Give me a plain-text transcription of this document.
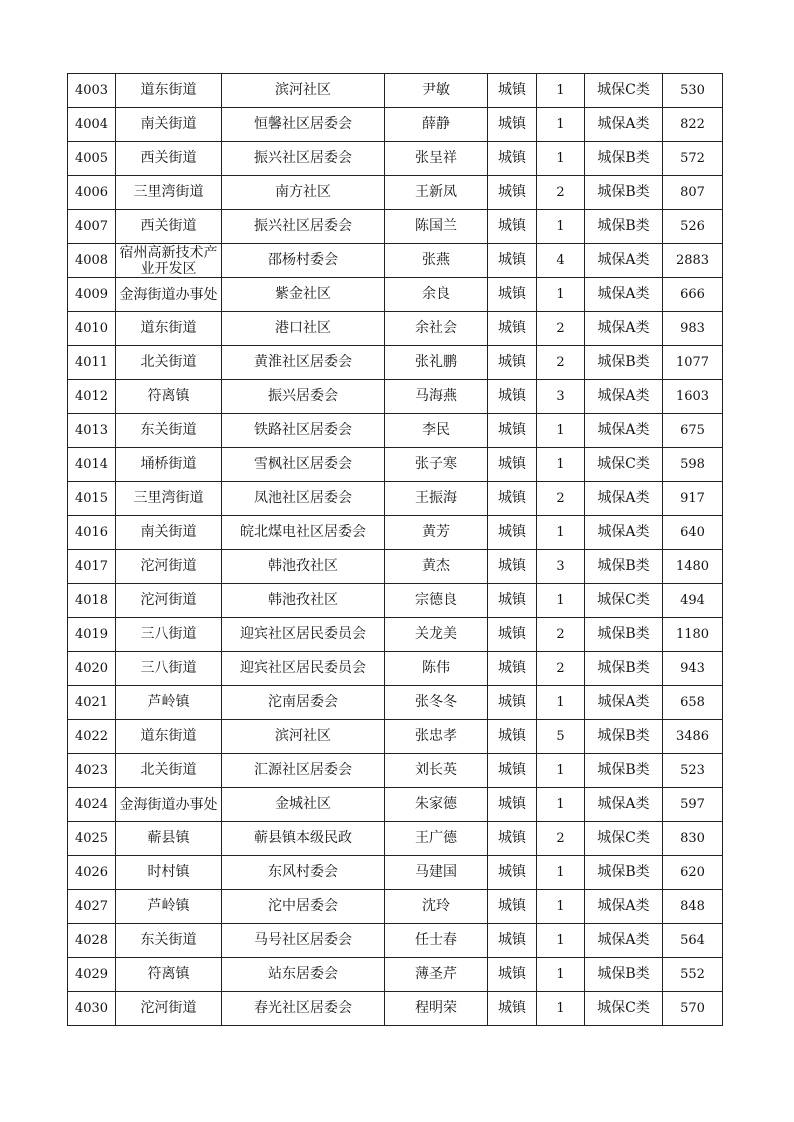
4003	道东街道	滨河社区	尹敏	城镇	1	城保C类	530
4004	南关街道	恒馨社区居委会	薛静	城镇	1	城保A类	822
4005	西关街道	振兴社区居委会	张呈祥	城镇	1	城保B类	572
4006	三里湾街道	南方社区	王新凤	城镇	2	城保B类	807
4007	西关街道	振兴社区居委会	陈国兰	城镇	1	城保B类	526
4008	宿州高新技术产业开发区	邵杨村委会	张燕	城镇	4	城保A类	2883
4009	金海街道办事处	紫金社区	余良	城镇	1	城保A类	666
4010	道东街道	港口社区	余社会	城镇	2	城保A类	983
4011	北关街道	黄淮社区居委会	张礼鹏	城镇	2	城保B类	1077
4012	符离镇	振兴居委会	马海燕	城镇	3	城保A类	1603
4013	东关街道	铁路社区居委会	李民	城镇	1	城保A类	675
4014	埇桥街道	雪枫社区居委会	张子寒	城镇	1	城保C类	598
4015	三里湾街道	凤池社区居委会	王振海	城镇	2	城保A类	917
4016	南关街道	皖北煤电社区居委会	黄芳	城镇	1	城保A类	640
4017	沱河街道	韩池孜社区	黄杰	城镇	3	城保B类	1480
4018	沱河街道	韩池孜社区	宗德良	城镇	1	城保C类	494
4019	三八街道	迎宾社区居民委员会	关龙美	城镇	2	城保B类	1180
4020	三八街道	迎宾社区居民委员会	陈伟	城镇	2	城保B类	943
4021	芦岭镇	沱南居委会	张冬冬	城镇	1	城保A类	658
4022	道东街道	滨河社区	张忠孝	城镇	5	城保B类	3486
4023	北关街道	汇源社区居委会	刘长英	城镇	1	城保B类	523
4024	金海街道办事处	金城社区	朱家德	城镇	1	城保A类	597
4025	蕲县镇	蕲县镇本级民政	王广德	城镇	2	城保C类	830
4026	时村镇	东风村委会	马建国	城镇	1	城保B类	620
4027	芦岭镇	沱中居委会	沈玲	城镇	1	城保A类	848
4028	东关街道	马号社区居委会	任士春	城镇	1	城保A类	564
4029	符离镇	站东居委会	薄圣芹	城镇	1	城保B类	552
4030	沱河街道	春光社区居委会	程明荣	城镇	1	城保C类	570
